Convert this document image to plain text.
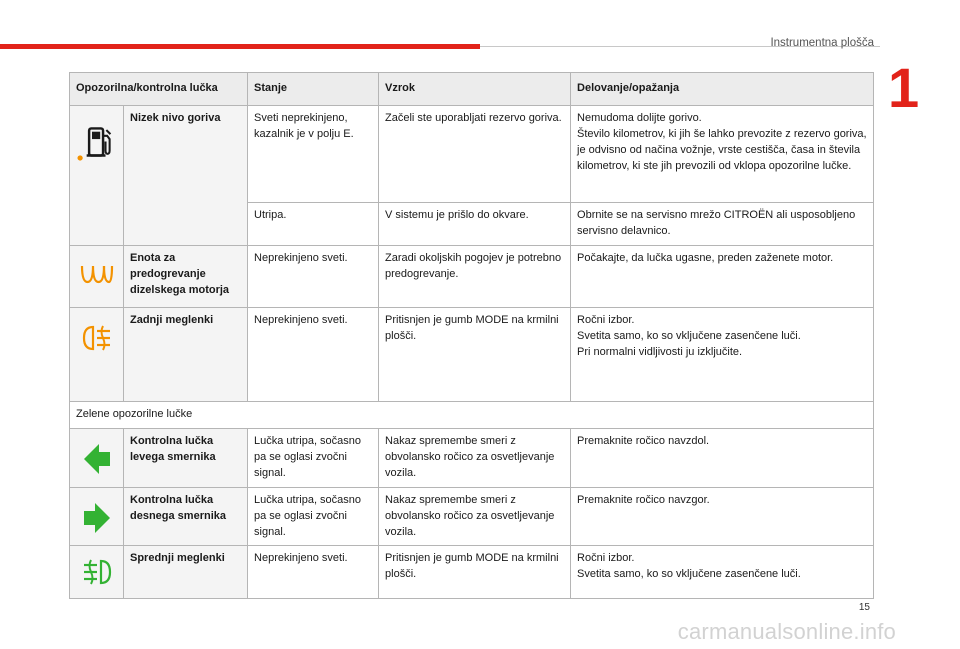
Instrumentna plošča
1
Opozorilna/kontrolna lučka		Stanje	Vzrok	Delovanje/opažanja

	Nizek nivo goriva	Sveti neprekinjeno, kazalnik je v polju E.	Začeli ste uporabljati rezervo goriva.	Nemudoma dolijte gorivo.
Število kilometrov, ki jih še lahko prevozite z rezervo goriva, je odvisno od načina vožnje, vrste cestišča, časa in števila kilometrov, ki ste jih prevozili od vklopa opozorilne lučke.

		Utripa.	V sistemu je prišlo do okvare.	Obrnite se na servisno mrežo CITROËN ali usposobljeno servisno delavnico.

	Enota za predogrevanje dizelskega motorja	Neprekinjeno sveti.	Zaradi okoljskih pogojev je potrebno predogrevanje.	Počakajte, da lučka ugasne, preden zaženete motor.

	Zadnji meglenki	Neprekinjeno sveti.	Pritisnjen je gumb MODE na krmilni plošči.	Ročni izbor.
Svetita samo, ko so vključene zasenčene luči.
Pri normalni vidljivosti ju izključite.

Zelene opozorilne lučke				

	Kontrolna lučka levega smernika	Lučka utripa, sočasno pa se oglasi zvočni signal.	Nakaz spremembe smeri z obvolansko ročico za osvetljevanje vozila.	Premaknite ročico navzdol.

	Kontrolna lučka desnega smernika	Lučka utripa, sočasno pa se oglasi zvočni signal.	Nakaz spremembe smeri z obvolansko ročico za osvetljevanje vozila.	Premaknite ročico navzgor.

	Sprednji meglenki	Neprekinjeno sveti.	Pritisnjen je gumb MODE na krmilni plošči.	Ročni izbor.
Svetita samo, ko so vključene zasenčene luči.
15
carmanualsonline.info
